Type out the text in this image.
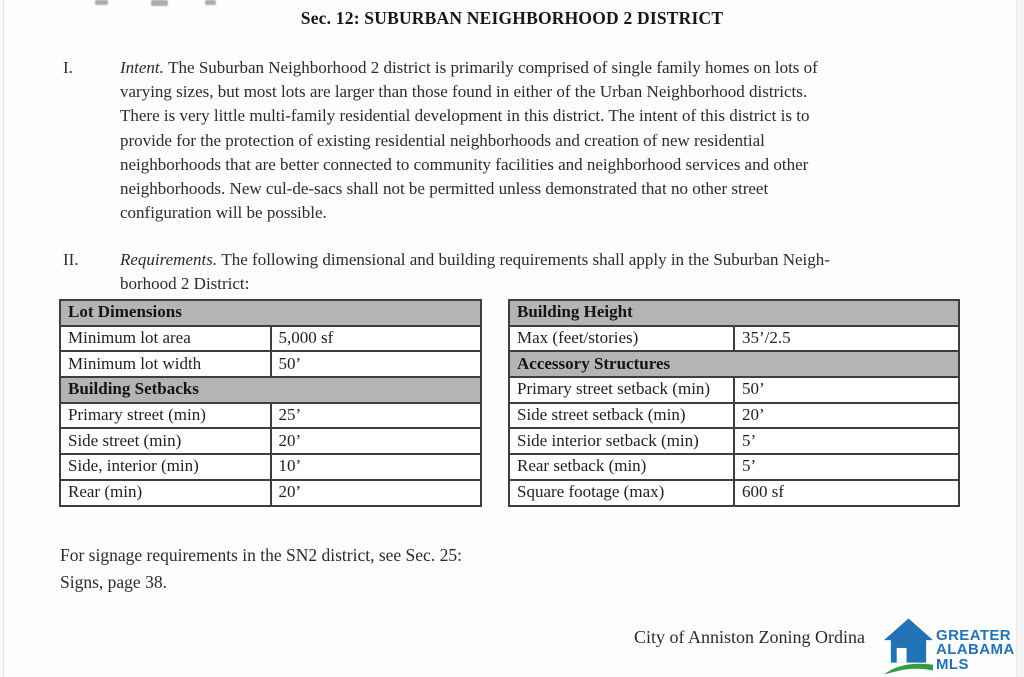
Sec. 12: SUBURBAN NEIGHBORHOOD 2 DISTRICT
I.	Intent. The Suburban Neighborhood 2 district is primarily comprised of single family homes on lots of
varying sizes, but most lots are larger than those found in either of the Urban Neighborhood districts.
There is very little multi-family residential development in this district. The intent of this district is to
provide for the protection of existing residential neighborhoods and creation of new residential
neighborhoods that are better connected to community facilities and neighborhood services and other
neighborhoods. New cul-de-sacs shall not be permitted unless demonstrated that no other street
configuration will be possible.
II.	Requirements. The following dimensional and building requirements shall apply in the Suburban Neigh-
borhood 2 District:
Lot Dimensions	
Minimum lot area	5,000 sf
Minimum lot width	50’
Building Setbacks	
Primary street (min)	25’
Side street (min)	20’
Side, interior (min)	10’
Rear (min)	20’
Building Height	
Max (feet/stories)	35’/2.5
Accessory Structures	
Primary street setback (min)	50’
Side street setback (min)	20’
Side interior setback (min)	5’
Rear setback (min)	5’
Square footage (max)	600 sf
For signage requirements in the SN2 district, see Sec. 25:
Signs, page 38.
City of Anniston Zoning Ordina	GREATER
ALABAMA
MLS
